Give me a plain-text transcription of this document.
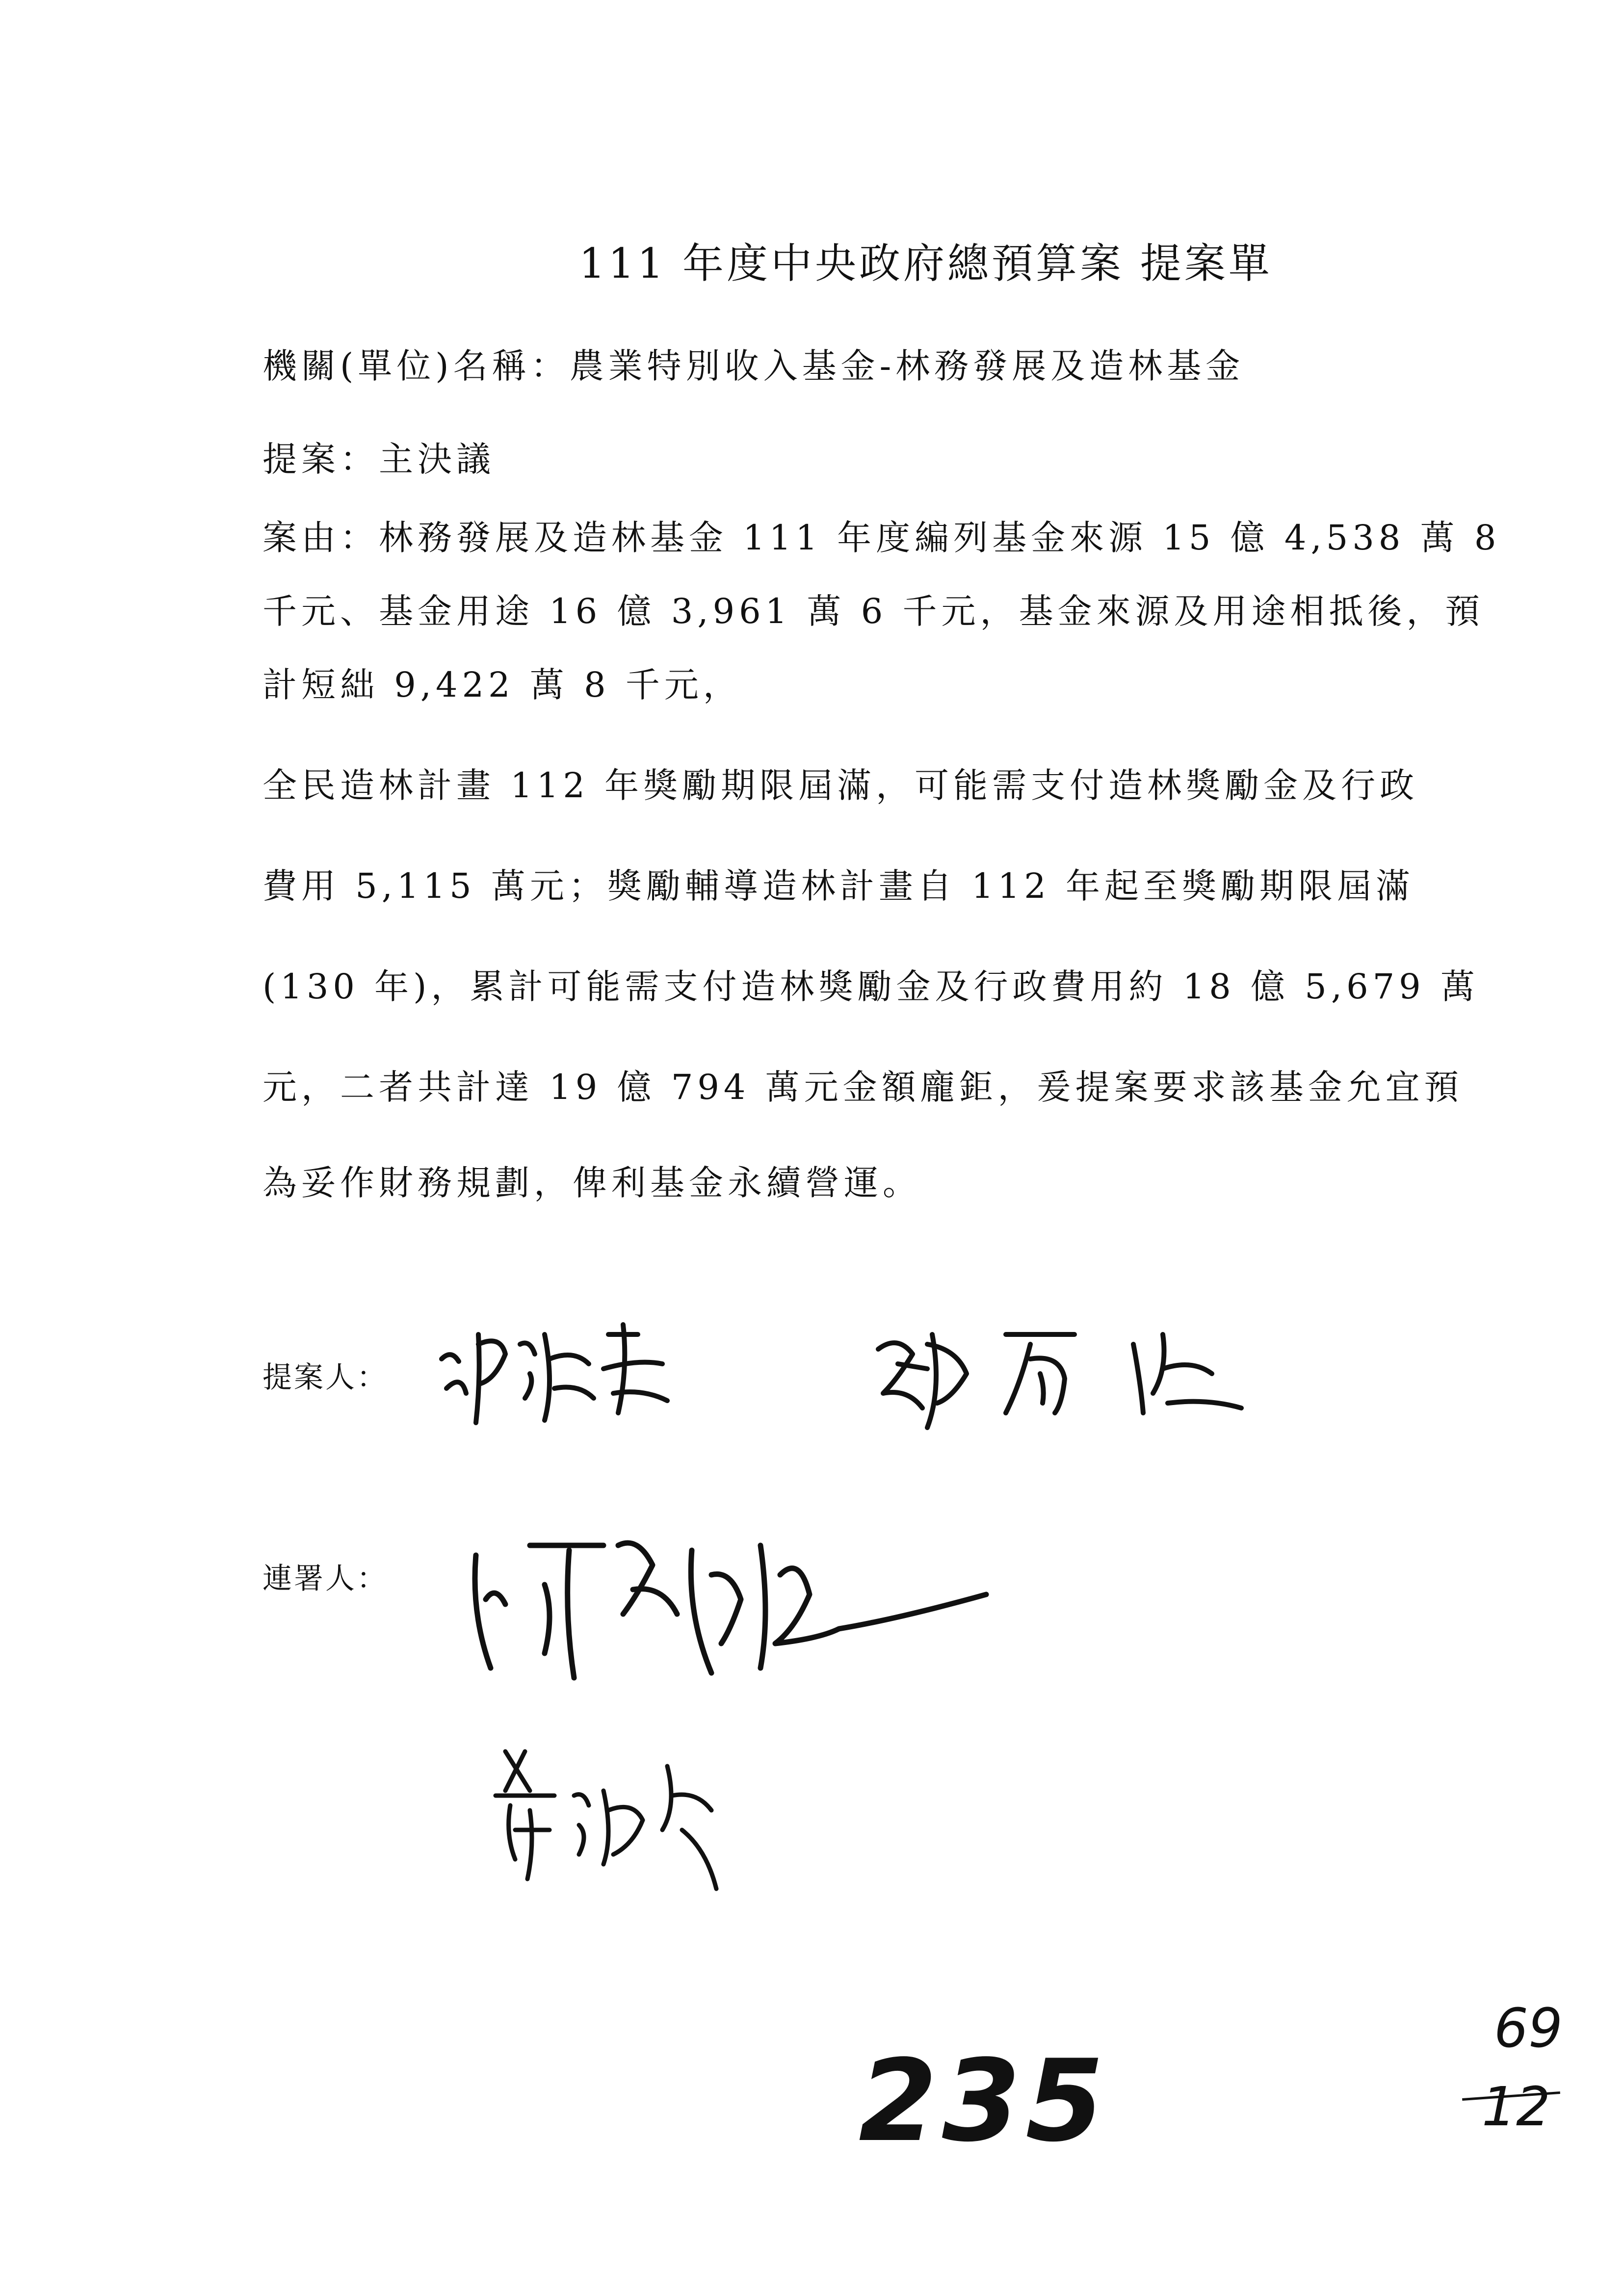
111 年度中央政府總預算案 提案單
機關(單位)名稱：農業特別收入基金-林務發展及造林基金
提案：主決議
案由：林務發展及造林基金 111 年度編列基金來源 15 億 4,538 萬 8
千元、基金用途 16 億 3,961 萬 6 千元，基金來源及用途相抵後，預
計短絀 9,422 萬 8 千元，
全民造林計畫 112 年獎勵期限屆滿，可能需支付造林獎勵金及行政
費用 5,115 萬元；獎勵輔導造林計畫自 112 年起至獎勵期限屆滿
(130 年)，累計可能需支付造林獎勵金及行政費用約 18 億 5,679 萬
元，二者共計達 19 億 794 萬元金額龐鉅，爰提案要求該基金允宜預
為妥作財務規劃，俾利基金永續營運。
提案人：
連署人：
235
69
12
